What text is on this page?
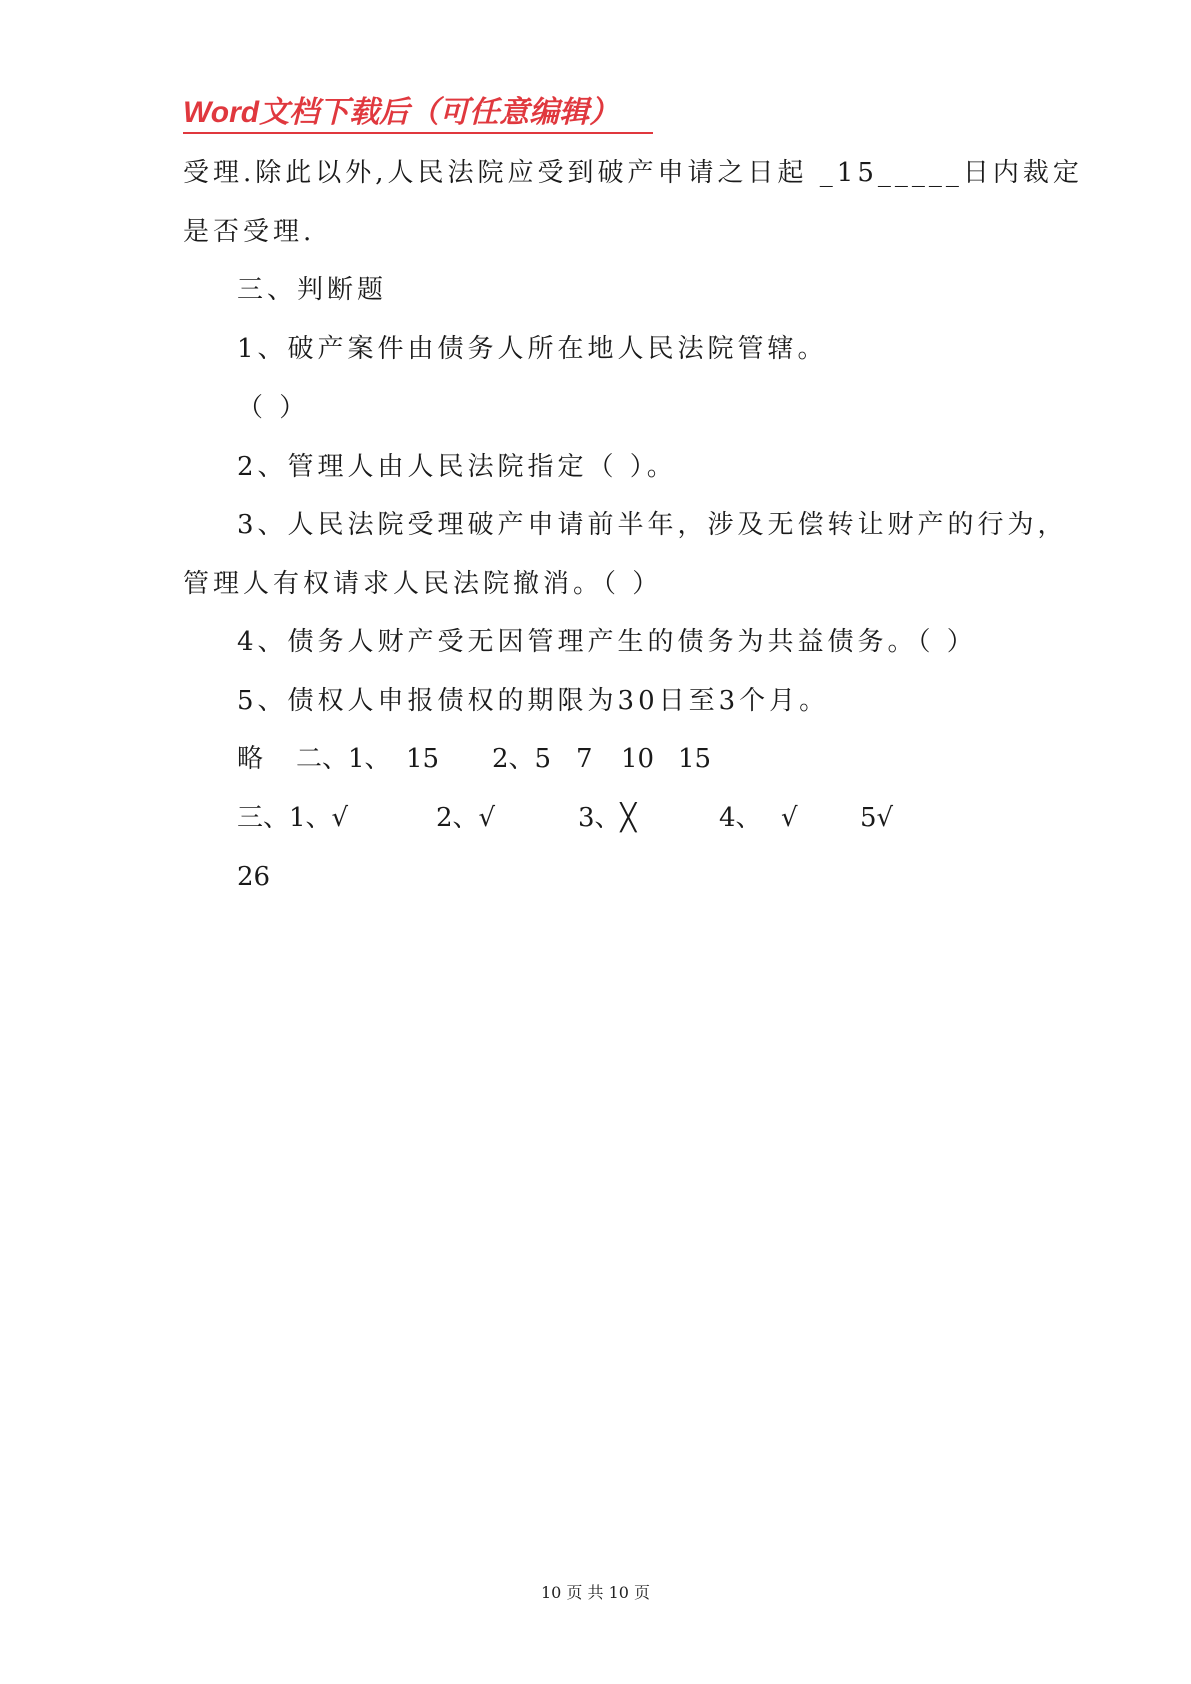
Word文档下载后（可任意编辑）
受理.除此以外,人民法院应受到破产申请之日起 _15_____日内裁定
是否受理.
三、判断题
1、破产案件由债务人所在地人民法院管辖。
（ ）
2、管理人由人民法院指定（ ）。
3、人民法院受理破产申请前半年，涉及无偿转让财产的行为，
管理人有权请求人民法院撤消。（ ）
4、债务人财产受无因管理产生的债务为共益债务。（ ）
5、债权人申报债权的期限为30日至3个月。
略 二、1、 15 2、5 7 10 15
三、1、√	2、√	3、╳	4、 √ 5√
26
10 页 共 10 页
